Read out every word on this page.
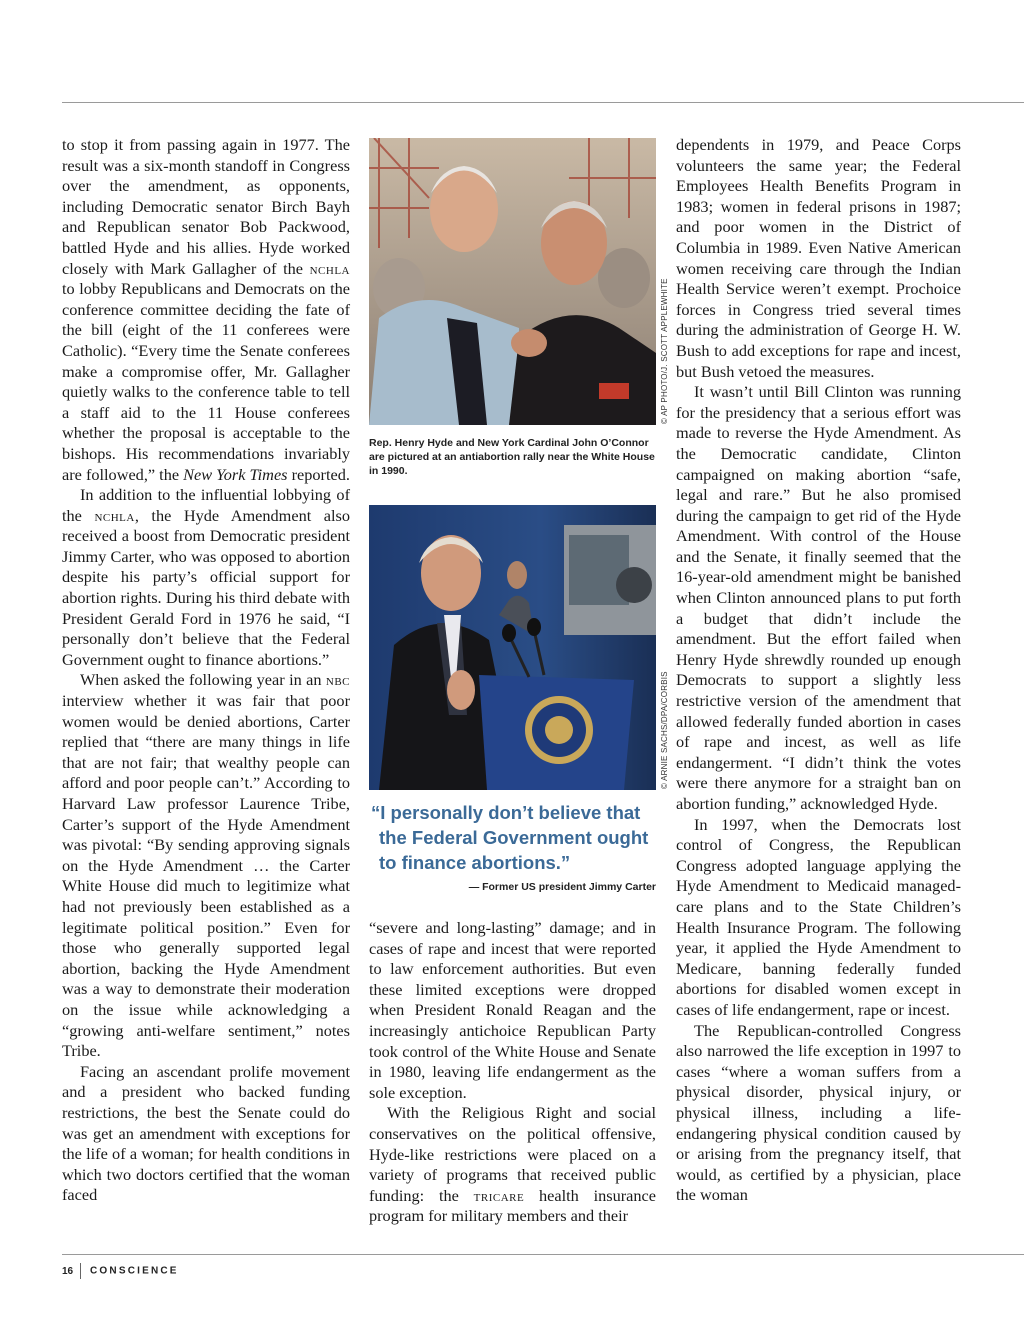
to stop it from passing again in 1977. The result was a six-month standoff in Congress over the amendment, as opponents, including Democratic senator Birch Bayh and Republican senator Bob Packwood, battled Hyde and his allies. Hyde worked closely with Mark Gallagher of the nchla to lobby Republicans and Democrats on the conference committee deciding the fate of the bill (eight of the 11 conferees were Catholic). “Every time the Senate conferees make a compromise offer, Mr. Gallagher quietly walks to the conference table to tell a staff aid to the 11 House conferees whether the proposal is acceptable to the bishops. His recommendations invariably are followed,” the New York Times reported.

In addition to the influential lobbying of the nchla, the Hyde Amendment also received a boost from Democratic president Jimmy Carter, who was opposed to abortion despite his party’s official support for abortion rights. During his third debate with President Gerald Ford in 1976 he said, “I personally don’t believe that the Federal Government ought to finance abortions.”

When asked the following year in an nbc interview whether it was fair that poor women would be denied abortions, Carter replied that “there are many things in life that are not fair; that wealthy people can afford and poor people can’t.” According to Harvard Law professor Laurence Tribe, Carter’s support of the Hyde Amendment was pivotal: “By sending approving signals on the Hyde Amendment … the Carter White House did much to legitimize what had not previously been established as a legitimate political position.” Even for those who generally supported legal abortion, backing the Hyde Amendment was a way to demonstrate their moderation on the issue while acknowledging a “growing anti-welfare sentiment,” notes Tribe.

Facing an ascendant prolife movement and a president who backed funding restrictions, the best the Senate could do was get an amendment with exceptions for the life of a woman; for health conditions in which two doctors certified that the woman faced

© AP PHOTO/J. SCOTT APPLEWHITE
Rep. Henry Hyde and New York Cardinal John O’Connor are pictured at an antiabortion rally near the White House in 1990.
© ARNIE SACHS/DPA/CORBIS
“I personally don’t believe that the Federal Government ought to finance abortions.”
— Former US president Jimmy Carter

“severe and long-lasting” damage; and in cases of rape and incest that were reported to law enforcement authorities. But even these limited exceptions were dropped when President Ronald Reagan and the increasingly antichoice Republican Party took control of the White House and Senate in 1980, leaving life endangerment as the sole exception.

With the Religious Right and social conservatives on the political offensive, Hyde-like restrictions were placed on a variety of programs that received public funding: the tricare health insurance program for military members and their

dependents in 1979, and Peace Corps volunteers the same year; the Federal Employees Health Benefits Program in 1983; women in federal prisons in 1987; and poor women in the District of Columbia in 1989. Even Native American women receiving care through the Indian Health Service weren’t exempt. Prochoice forces in Congress tried several times during the administration of George H. W. Bush to add exceptions for rape and incest, but Bush vetoed the measures.

It wasn’t until Bill Clinton was running for the presidency that a serious effort was made to reverse the Hyde Amendment. As the Democratic candidate, Clinton campaigned on making abortion “safe, legal and rare.” But he also promised during the campaign to get rid of the Hyde Amendment. With control of the House and the Senate, it finally seemed that the 16-year-old amendment might be banished when Clinton announced plans to put forth a budget that didn’t include the amendment. But the effort failed when Henry Hyde shrewdly rounded up enough Democrats to support a slightly less restrictive version of the amendment that allowed federally funded abortion in cases of rape and incest, as well as life endangerment. “I didn’t think the votes were there anymore for a straight ban on abortion funding,” acknowledged Hyde.

In 1997, when the Democrats lost control of Congress, the Republican Congress adopted language applying the Hyde Amendment to Medicaid managed-care plans and to the State Children’s Health Insurance Program. The following year, it applied the Hyde Amendment to Medicare, banning federally funded abortions for disabled women except in cases of life endangerment, rape or incest.

The Republican-controlled Congress also narrowed the life exception in 1997 to cases “where a woman suffers from a physical disorder, physical injury, or physical illness, including a life-endangering physical condition caused by or arising from the pregnancy itself, that would, as certified by a physician, place the woman

16 CONSCIENCE
